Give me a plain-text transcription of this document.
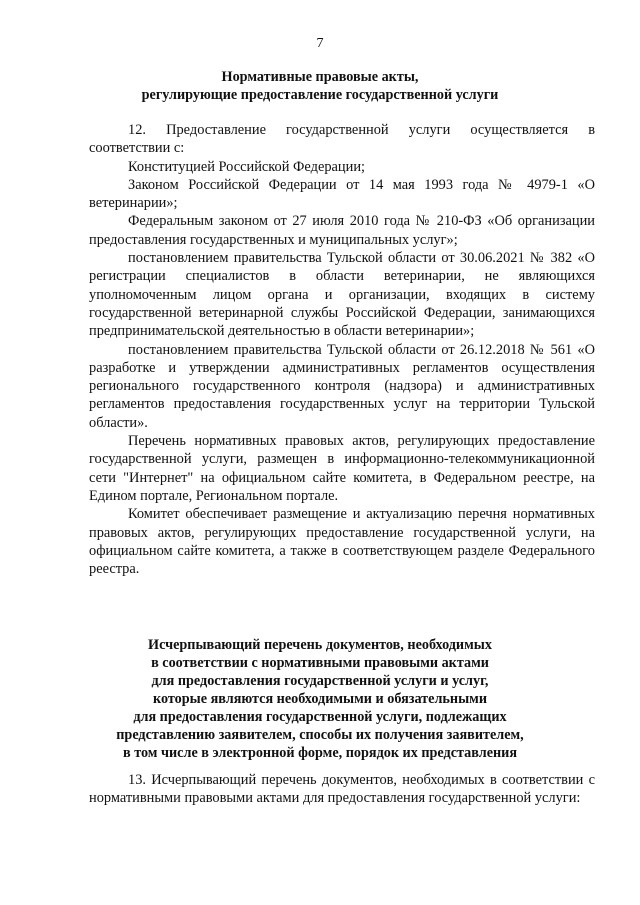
7
Нормативные правовые акты,
регулирующие предоставление государственной услуги

12. Предоставление государственной услуги осуществляется в соответствии с:

Конституцией Российской Федерации;

Законом Российской Федерации от 14 мая 1993 года № 4979-1 «О ветеринарии»;

Федеральным законом от 27 июля 2010 года № 210-ФЗ «Об организации предоставления государственных и муниципальных услуг»;

постановлением правительства Тульской области от 30.06.2021 № 382 «О регистрации специалистов в области ветеринарии, не являющихся уполномоченным лицом органа и организации, входящих в систему государственной ветеринарной службы Российской Федерации, занимающихся предпринимательской деятельностью в области ветеринарии»;

постановлением правительства Тульской области от 26.12.2018 № 561 «О разработке и утверждении административных регламентов осуществления регионального государственного контроля (надзора) и административных регламентов предоставления государственных услуг на территории Тульской области».

Перечень нормативных правовых актов, регулирующих предоставление государственной услуги, размещен в информационно-телекоммуникационной сети "Интернет" на официальном сайте комитета, в Федеральном реестре, на Едином портале, Региональном портале.

Комитет обеспечивает размещение и актуализацию перечня нормативных правовых актов, регулирующих предоставление государственной услуги, на официальном сайте комитета, а также в соответствующем разделе Федерального реестра.

Исчерпывающий перечень документов, необходимых
в соответствии с нормативными правовыми актами
для предоставления государственной услуги и услуг,
которые являются необходимыми и обязательными
для предоставления государственной услуги, подлежащих
представлению заявителем, способы их получения заявителем,
в том числе в электронной форме, порядок их представления

13. Исчерпывающий перечень документов, необходимых в соответствии с нормативными правовыми актами для предоставления государственной услуги:
